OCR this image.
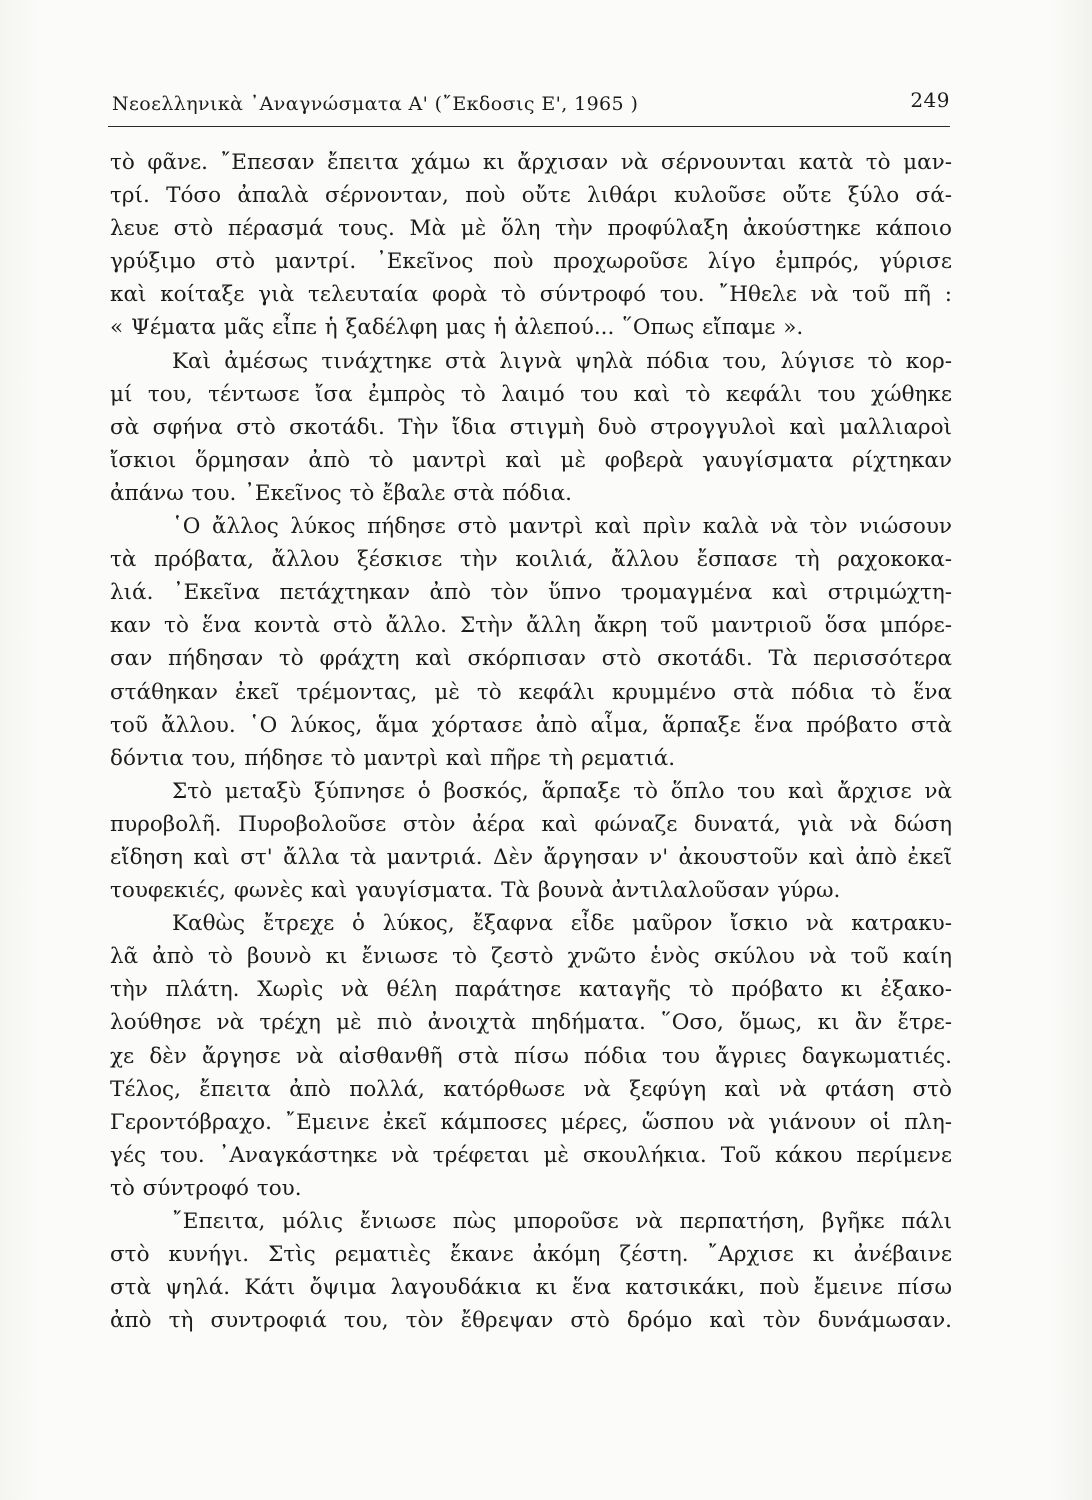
Νεοελληνικὰ ᾿Αναγνώσματα Α' (῎Εκδοσις Ε', 1965 )	249
τὸ φᾶνε. ῎Επεσαν ἔπειτα χάμω κι ἄρχισαν νὰ σέρνουνται κατὰ τὸ μαν-
τρί. Τόσο ἀπαλὰ σέρνονταν, ποὺ οὔτε λιθάρι κυλοῦσε οὔτε ξύλο σά-
λευε στὸ πέρασμά τους. Μὰ μὲ ὅλη τὴν προφύλαξη ἀκούστηκε κάποιο
γρύξιμο στὸ μαντρί. ᾿Εκεῖνος ποὺ προχωροῦσε λίγο ἐμπρός, γύρισε
καὶ κοίταξε γιὰ τελευταία φορὰ τὸ σύντροφό του. ῎Ηθελε νὰ τοῦ πῆ :
« Ψέματα μᾶς εἶπε ἡ ξαδέλφη μας ἡ ἀλεπού... ῞Οπως εἴπαμε ».
Καὶ ἀμέσως τινάχτηκε στὰ λιγνὰ ψηλὰ πόδια του, λύγισε τὸ κορ-
μί του, τέντωσε ἴσα ἐμπρὸς τὸ λαιμό του καὶ τὸ κεφάλι του χώθηκε
σὰ σφήνα στὸ σκοτάδι. Τὴν ἴδια στιγμὴ δυὸ στρογγυλοὶ καὶ μαλλιαροὶ
ἴσκιοι ὅρμησαν ἀπὸ τὸ μαντρὶ καὶ μὲ φοβερὰ γαυγίσματα ρίχτηκαν
ἀπάνω του. ᾿Εκεῖνος τὸ ἔβαλε στὰ πόδια.
῾Ο ἄλλος λύκος πήδησε στὸ μαντρὶ καὶ πρὶν καλὰ νὰ τὸν νιώσουν
τὰ πρόβατα, ἄλλου ξέσκισε τὴν κοιλιά, ἄλλου ἔσπασε τὴ ραχοκοκα-
λιά. ᾿Εκεῖνα πετάχτηκαν ἀπὸ τὸν ὕπνο τρομαγμένα καὶ στριμώχτη-
καν τὸ ἕνα κοντὰ στὸ ἄλλο. Στὴν ἄλλη ἄκρη τοῦ μαντριοῦ ὅσα μπόρε-
σαν πήδησαν τὸ φράχτη καὶ σκόρπισαν στὸ σκοτάδι. Τὰ περισσότερα
στάθηκαν ἐκεῖ τρέμοντας, μὲ τὸ κεφάλι κρυμμένο στὰ πόδια τὸ ἕνα
τοῦ ἄλλου. ῾Ο λύκος, ἅμα χόρτασε ἀπὸ αἷμα, ἅρπαξε ἕνα πρόβατο στὰ
δόντια του, πήδησε τὸ μαντρὶ καὶ πῆρε τὴ ρεματιά.
Στὸ μεταξὺ ξύπνησε ὁ βοσκός, ἅρπαξε τὸ ὅπλο του καὶ ἄρχισε νὰ
πυροβολῆ. Πυροβολοῦσε στὸν ἀέρα καὶ φώναζε δυνατά, γιὰ νὰ δώση
εἴδηση καὶ στ' ἄλλα τὰ μαντριά. Δὲν ἄργησαν ν' ἀκουστοῦν καὶ ἀπὸ ἐκεῖ
τουφεκιές, φωνὲς καὶ γαυγίσματα. Τὰ βουνὰ ἀντιλαλοῦσαν γύρω.
Καθὼς ἔτρεχε ὁ λύκος, ἔξαφνα εἶδε μαῦρον ἴσκιο νὰ κατρακυ-
λᾶ ἀπὸ τὸ βουνὸ κι ἔνιωσε τὸ ζεστὸ χνῶτο ἑνὸς σκύλου νὰ τοῦ καίη
τὴν πλάτη. Χωρὶς νὰ θέλη παράτησε καταγῆς τὸ πρόβατο κι ἐξακο-
λούθησε νὰ τρέχη μὲ πιὸ ἀνοιχτὰ πηδήματα. ῞Οσο, ὅμως, κι ἂν ἔτρε-
χε δὲν ἄργησε νὰ αἰσθανθῆ στὰ πίσω πόδια του ἄγριες δαγκωματιές.
Τέλος, ἔπειτα ἀπὸ πολλά, κατόρθωσε νὰ ξεφύγη καὶ νὰ φτάση στὸ
Γεροντόβραχο. ῎Εμεινε ἐκεῖ κάμποσες μέρες, ὥσπου νὰ γιάνουν οἱ πλη-
γές του. ᾿Αναγκάστηκε νὰ τρέφεται μὲ σκουλήκια. Τοῦ κάκου περίμενε
τὸ σύντροφό του.
῎Επειτα, μόλις ἔνιωσε πὼς μποροῦσε νὰ περπατήση, βγῆκε πάλι
στὸ κυνήγι. Στὶς ρεματιὲς ἔκανε ἀκόμη ζέστη. ῎Αρχισε κι ἀνέβαινε
στὰ ψηλά. Κάτι ὄψιμα λαγουδάκια κι ἕνα κατσικάκι, ποὺ ἔμεινε πίσω
ἀπὸ τὴ συντροφιά του, τὸν ἔθρεψαν στὸ δρόμο καὶ τὸν δυνάμωσαν.
